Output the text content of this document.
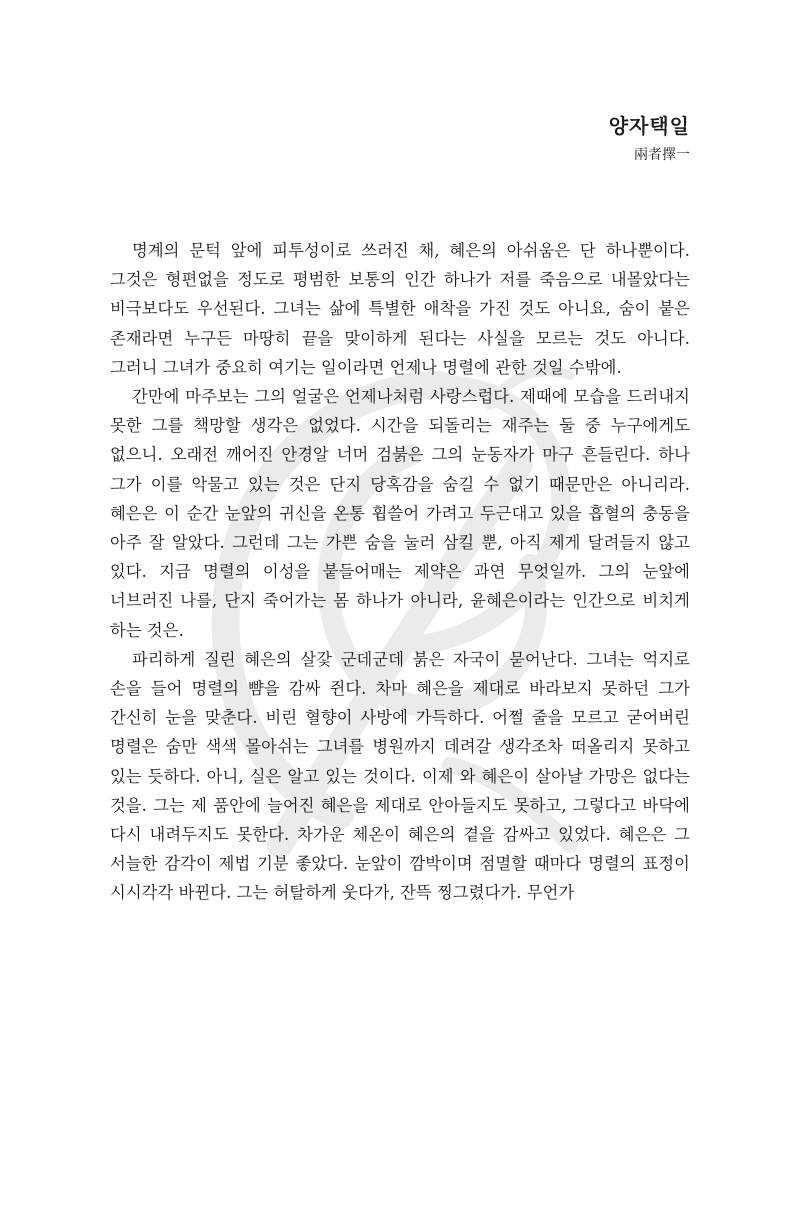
양자택일
兩者擇一

명계의 문턱 앞에 피투성이로 쓰러진 채, 혜은의 아쉬움은 단 하나뿐이다. 그것은 형편없을 정도로 평범한 보통의 인간 하나가 저를 죽음으로 내몰았다는 비극보다도 우선된다. 그녀는 삶에 특별한 애착을 가진 것도 아니요, 숨이 붙은 존재라면 누구든 마땅히 끝을 맞이하게 된다는 사실을 모르는 것도 아니다. 그러니 그녀가 중요히 여기는 일이라면 언제나 명렬에 관한 것일 수밖에.

간만에 마주보는 그의 얼굴은 언제나처럼 사랑스럽다. 제때에 모습을 드러내지 못한 그를 책망할 생각은 없었다. 시간을 되돌리는 재주는 둘 중 누구에게도 없으니. 오래전 깨어진 안경알 너머 검붉은 그의 눈동자가 마구 흔들린다. 하나 그가 이를 악물고 있는 것은 단지 당혹감을 숨길 수 없기 때문만은 아니리라. 혜은은 이 순간 눈앞의 귀신을 온통 휩쓸어 가려고 두근대고 있을 흡혈의 충동을 아주 잘 알았다. 그런데 그는 가쁜 숨을 눌러 삼킬 뿐, 아직 제게 달려들지 않고 있다. 지금 명렬의 이성을 붙들어매는 제약은 과연 무엇일까. 그의 눈앞에 너브러진 나를, 단지 죽어가는 몸 하나가 아니라, 윤혜은이라는 인간으로 비치게 하는 것은.

파리하게 질린 혜은의 살갗 군데군데 붉은 자국이 묻어난다. 그녀는 억지로 손을 들어 명렬의 뺨을 감싸 쥔다. 차마 혜은을 제대로 바라보지 못하던 그가 간신히 눈을 맞춘다. 비린 혈향이 사방에 가득하다. 어쩔 줄을 모르고 굳어버린 명렬은 숨만 색색 몰아쉬는 그녀를 병원까지 데려갈 생각조차 떠올리지 못하고 있는 듯하다. 아니, 실은 알고 있는 것이다. 이제 와 혜은이 살아날 가망은 없다는 것을. 그는 제 품안에 늘어진 혜은을 제대로 안아들지도 못하고, 그렇다고 바닥에 다시 내려두지도 못한다. 차가운 체온이 혜은의 곁을 감싸고 있었다. 혜은은 그 서늘한 감각이 제법 기분 좋았다. 눈앞이 깜박이며 점멸할 때마다 명렬의 표정이 시시각각 바뀐다. 그는 허탈하게 웃다가, 잔뜩 찡그렸다가. 무언가
